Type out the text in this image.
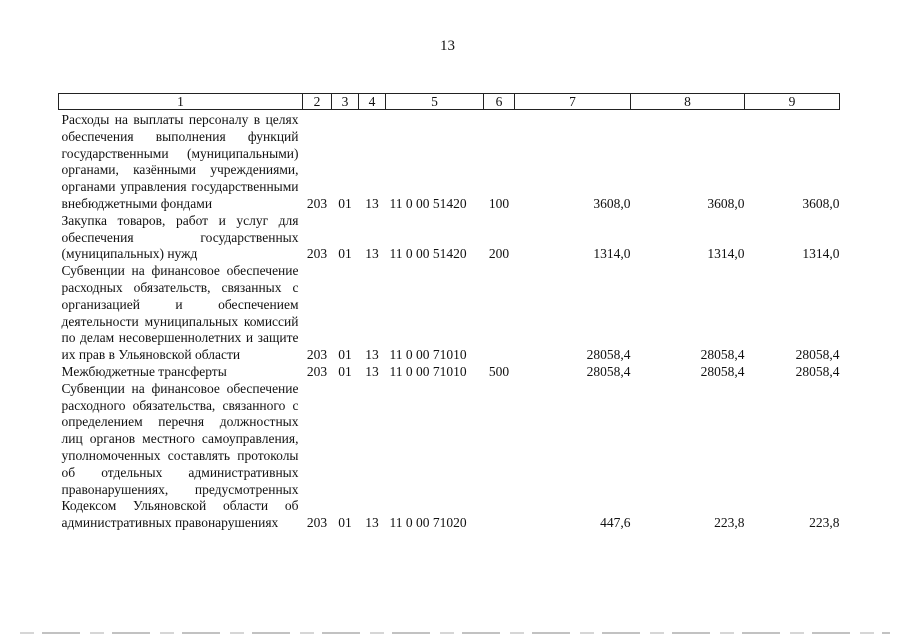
13
1	2	3	4	5	6	7	8	9
Расходы на выплаты персоналу в целях обеспечения выполнения функций государственными (муниципальными) органами, казёнными учреждениями, органами управления государственными внебюджетными фондами	203	01	13	11 0 00 51420	100	3608,0	3608,0	3608,0
Закупка товаров, работ и услуг для обеспечения государственных (муниципальных) нужд	203	01	13	11 0 00 51420	200	1314,0	1314,0	1314,0
Субвенции на финансовое обеспечение расходных обязательств, связанных с организацией и обеспечением деятельности муниципальных комиссий по делам несовершеннолетних и защите их прав в Ульяновской области	203	01	13	11 0 00 71010		28058,4	28058,4	28058,4
Межбюджетные трансферты	203	01	13	11 0 00 71010	500	28058,4	28058,4	28058,4
Субвенции на финансовое обеспечение расходного обязательства, связанного с определением перечня должностных лиц органов местного самоуправления, уполномоченных составлять протоколы об отдельных административных правонарушениях, предусмотренных Кодексом Ульяновской области об административных правонарушениях	203	01	13	11 0 00 71020		447,6	223,8	223,8
